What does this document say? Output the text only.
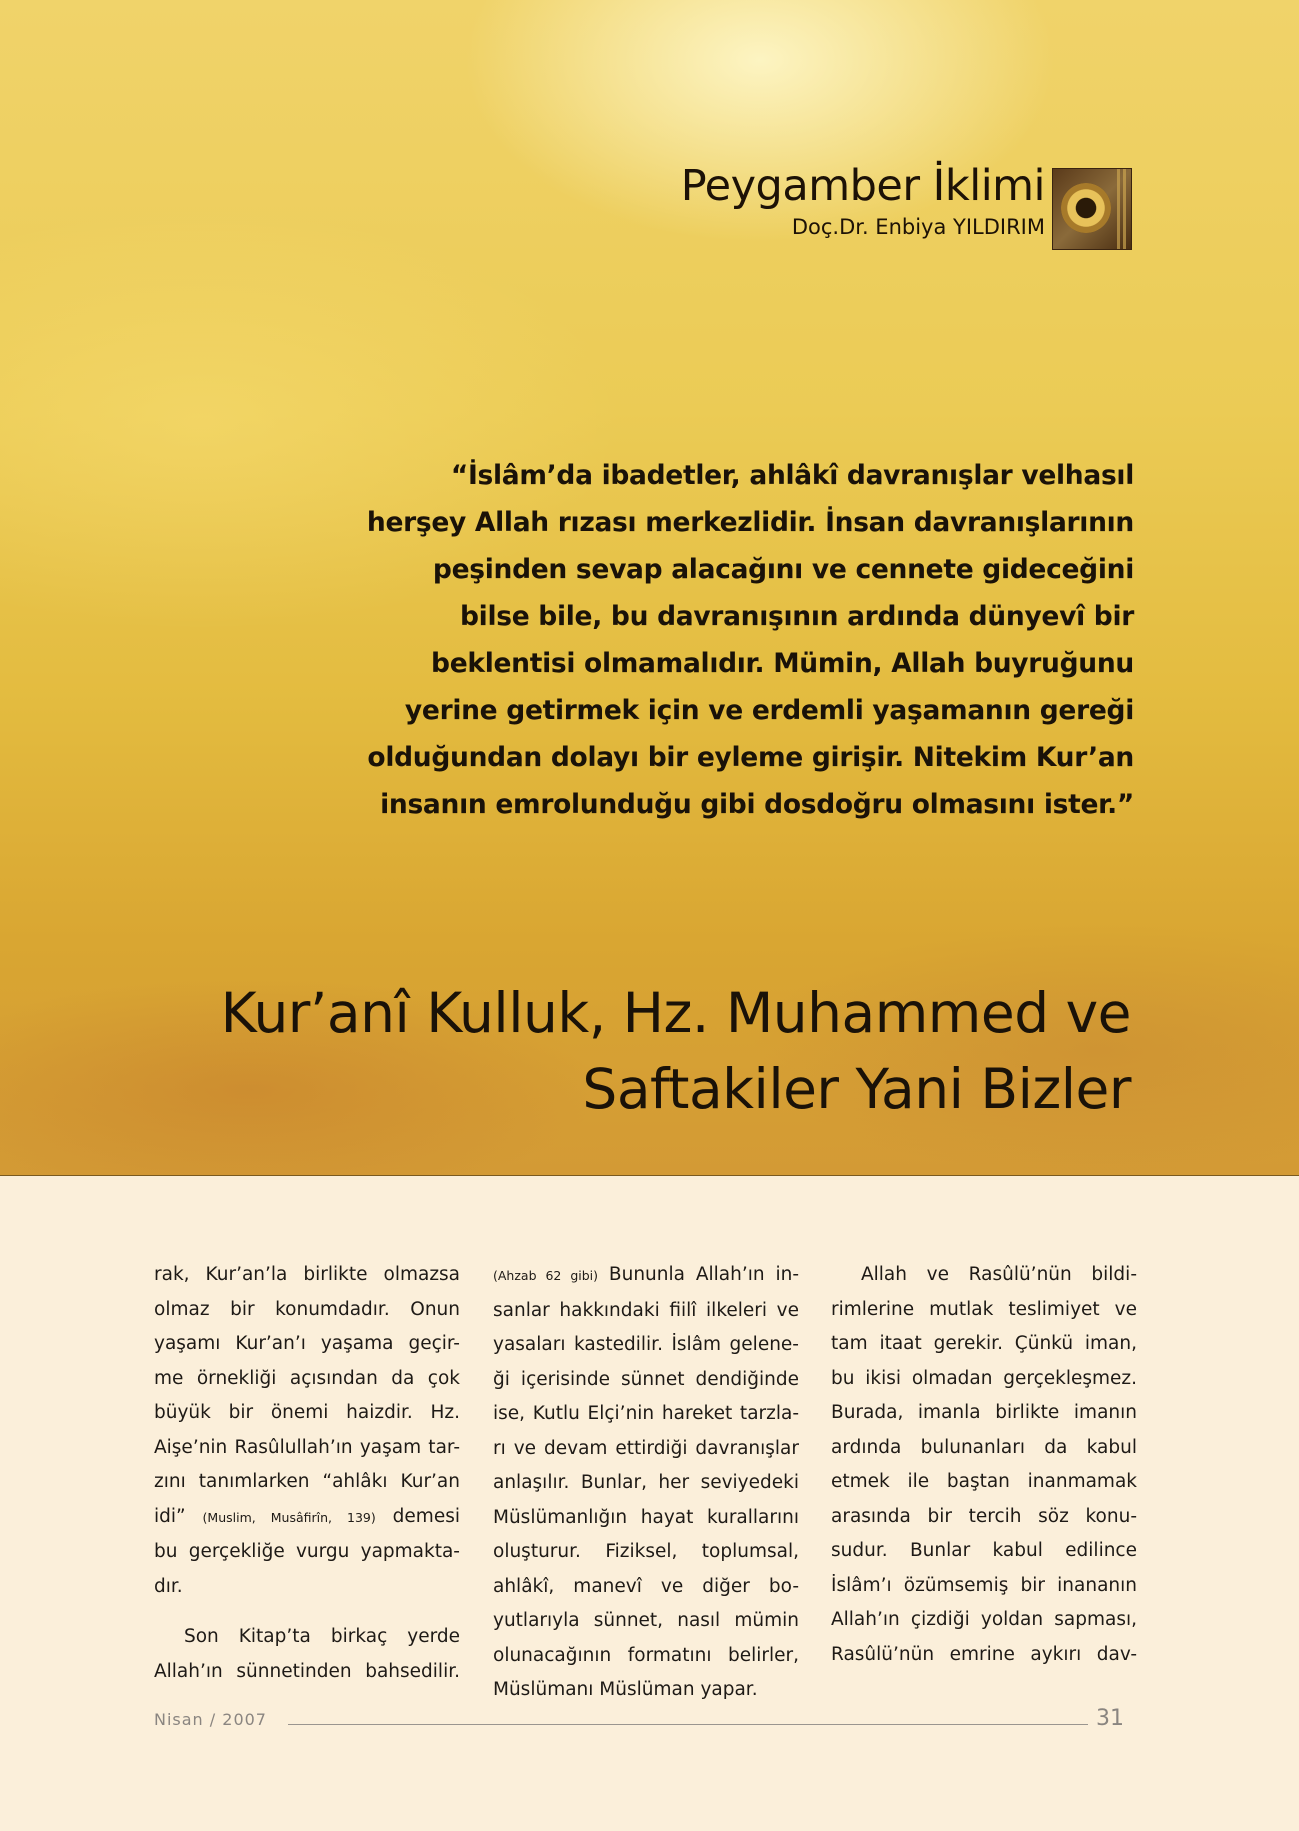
Peygamber İklimi
Doç.Dr. Enbiya YILDIRIM
“İslâm’da ibadetler, ahlâkî davranışlar velhasıl
herşey Allah rızası merkezlidir. İnsan davranışlarının
peşinden sevap alacağını ve cennete gideceğini
bilse bile, bu davranışının ardında dünyevî bir
beklentisi olmamalıdır. Mümin, Allah buyruğunu
yerine getirmek için ve erdemli yaşamanın gereği
olduğundan dolayı bir eyleme girişir. Nitekim Kur’an
insanın emrolunduğu gibi dosdoğru olmasını ister.”
Kur’anî Kulluk, Hz. Muhammed ve
Saftakiler Yani Bizler
rak, Kur’an’la birlikte olmazsa
olmaz bir konumdadır. Onun
yaşamı Kur’an’ı yaşama geçir-
me örnekliği açısından da çok
büyük bir önemi haizdir. Hz.
Aişe’nin Rasûlullah’ın yaşam tar-
zını tanımlarken “ahlâkı Kur’an
idi” (Muslim, Musâfirîn, 139) demesi
bu gerçekliğe vurgu yapmakta-
dır.
Son Kitap’ta birkaç yerde
Allah’ın sünnetinden bahsedilir.
(Ahzab 62 gibi) Bununla Allah’ın in-
sanlar hakkındaki fiilî ilkeleri ve
yasaları kastedilir. İslâm gelene-
ği içerisinde sünnet dendiğinde
ise, Kutlu Elçi’nin hareket tarzla-
rı ve devam ettirdiği davranışlar
anlaşılır. Bunlar, her seviyedeki
Müslümanlığın hayat kurallarını
oluşturur. Fiziksel, toplumsal,
ahlâkî, manevî ve diğer bo-
yutlarıyla sünnet, nasıl mümin
olunacağının formatını belirler,
Müslümanı Müslüman yapar.
Allah ve Rasûlü’nün bildi-
rimlerine mutlak teslimiyet ve
tam itaat gerekir. Çünkü iman,
bu ikisi olmadan gerçekleşmez.
Burada, imanla birlikte imanın
ardında bulunanları da kabul
etmek ile baştan inanmamak
arasında bir tercih söz konu-
sudur. Bunlar kabul edilince
İslâm’ı özümsemiş bir inananın
Allah’ın çizdiği yoldan sapması,
Rasûlü’nün emrine aykırı dav-
Nisan / 2007	31
